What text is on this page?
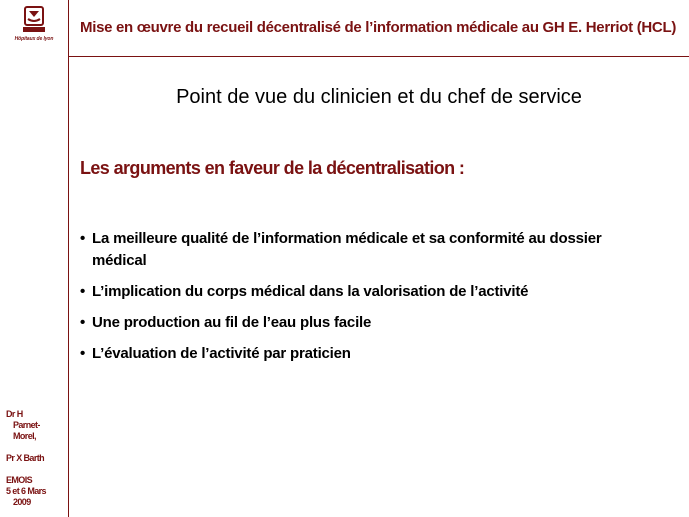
Hôpitaux de lyon
Mise en œuvre du recueil décentralisé de l’information médicale au GH E. Herriot (HCL)
Point de vue du clinicien et du chef de service
Les arguments en faveur de la décentralisation :
• La meilleure qualité de l’information médicale et sa conformité au dossier
médical
• L’implication du corps médical dans la valorisation de l’activité
• Une production au fil de l’eau plus facile
• L’évaluation de l’activité par praticien
Dr H
Parnet-
Morel,
Pr X Barth
EMOIS
5 et 6 Mars
2009
